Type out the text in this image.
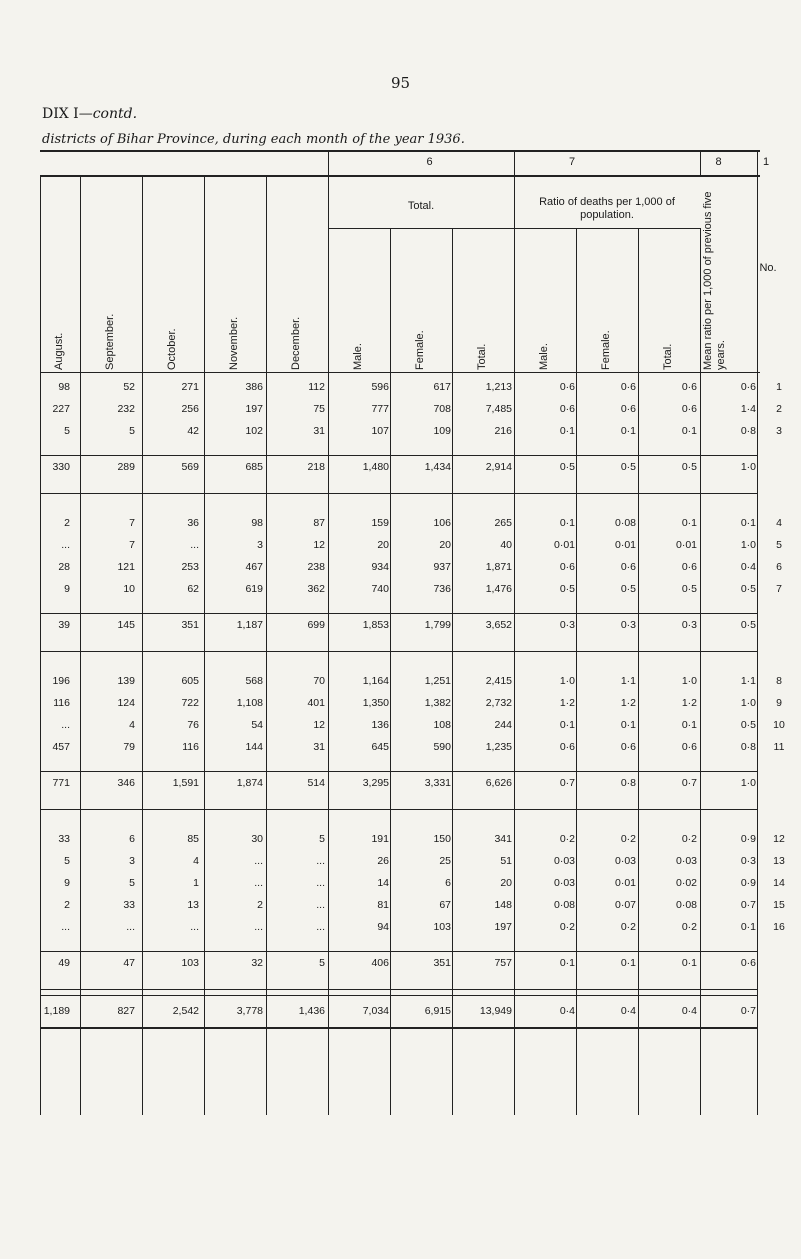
95
DIX I—contd.
districts of Bihar Province, during each month of the year 1936.
6	7	8	1
Total.	Ratio of deaths per 1,000 of population.	Mean ratio per 1,000 of previous five years.
No.
August.	September.	October.	November.	December.	Male.	Female.	Total.	Male.	Female.	Total.
98	52	271	386	112	596	617	1,213	0·6	0·6	0·6	0·6	1
227	232	256	197	75	777	708	7,485	0·6	0·6	0·6	1·4	2
5	5	42	102	31	107	109	216	0·1	0·1	0·1	0·8	3
330	289	569	685	218	1,480	1,434	2,914	0·5	0·5	0·5	1·0
2	7	36	98	87	159	106	265	0·1	0·08	0·1	0·1	4
...	7	...	3	12	20	20	40	0·01	0·01	0·01	1·0	5
28	121	253	467	238	934	937	1,871	0·6	0·6	0·6	0·4	6
9	10	62	619	362	740	736	1,476	0·5	0·5	0·5	0·5	7
39	145	351	1,187	699	1,853	1,799	3,652	0·3	0·3	0·3	0·5
196	139	605	568	70	1,164	1,251	2,415	1·0	1·1	1·0	1·1	8
116	124	722	1,108	401	1,350	1,382	2,732	1·2	1·2	1·2	1·0	9
...	4	76	54	12	136	108	244	0·1	0·1	0·1	0·5	10
457	79	116	144	31	645	590	1,235	0·6	0·6	0·6	0·8	11
771	346	1,591	1,874	514	3,295	3,331	6,626	0·7	0·8	0·7	1·0
33	6	85	30	5	191	150	341	0·2	0·2	0·2	0·9	12
5	3	4	...	...	26	25	51	0·03	0·03	0·03	0·3	13
9	5	1	...	...	14	6	20	0·03	0·01	0·02	0·9	14
2	33	13	2	...	81	67	148	0·08	0·07	0·08	0·7	15
...	...	...	...	...	94	103	197	0·2	0·2	0·2	0·1	16
49	47	103	32	5	406	351	757	0·1	0·1	0·1	0·6
1,189	827	2,542	3,778	1,436	7,034	6,915	13,949	0·4	0·4	0·4	0·7
